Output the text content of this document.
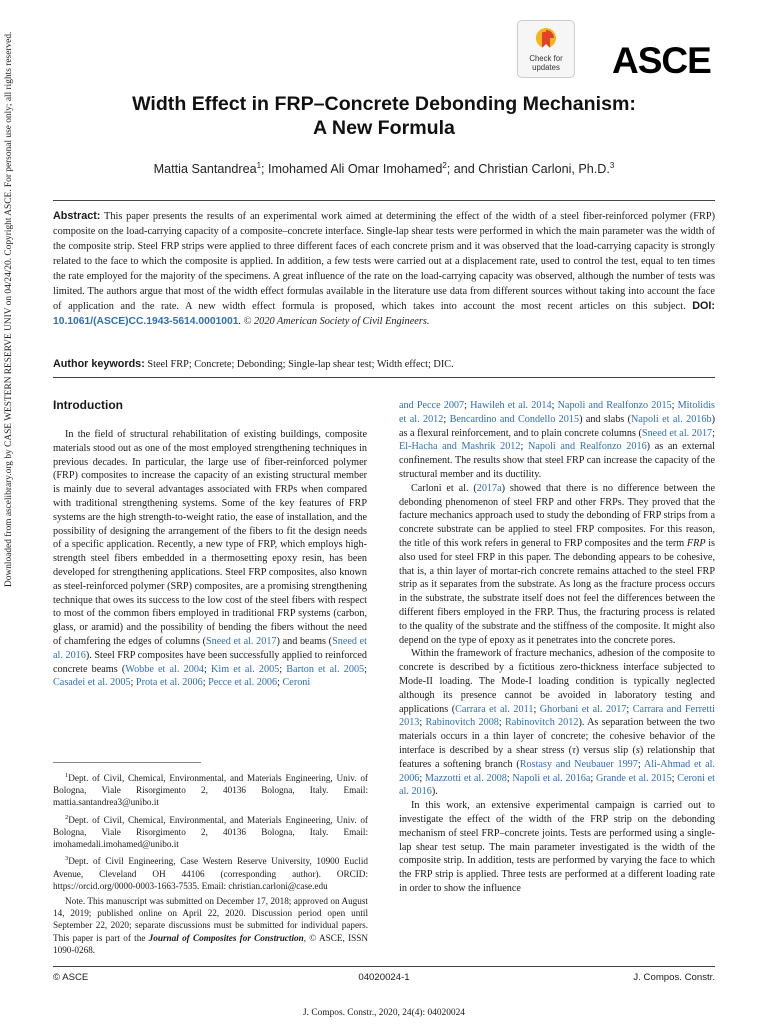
Downloaded from ascelibrary.org by CASE WESTERN RESERVE UNIV on 04/24/20. Copyright ASCE. For personal use only; all rights reserved.	Check for
updates	ASCE
Width Effect in FRP–Concrete Debonding Mechanism:
A New Formula
Mattia Santandrea$^1$; Imohamed Ali Omar Imohamed$^2$; and Christian Carloni, Ph.D.$^3$
Abstract: This paper presents the results of an experimental work aimed at determining the effect of the width of a steel fiber-reinforced polymer (FRP) composite on the load-carrying capacity of a composite–concrete interface. Single-lap shear tests were performed in which the main parameter was the width of the composite strip. Steel FRP strips were applied to three different faces of each concrete prism and it was observed that the load-carrying capacity is strongly related to the face to which the composite is applied. In addition, a few tests were carried out at a displacement rate, used to control the test, equal to ten times the rate employed for the majority of the specimens. A great influence of the rate on the load-carrying capacity was observed, although the number of tests was limited. The authors argue that most of the width effect formulas available in the literature use data from different sources without taking into account the face of application and the rate. A new width effect formula is proposed, which takes into account the most recent articles on this subject. DOI: 10.1061/(ASCE)CC.1943-5614.0001001. © 2020 American Society of Civil Engineers.
Author keywords: Steel FRP; Concrete; Debonding; Single-lap shear test; Width effect; DIC.
Introduction

In the field of structural rehabilitation of existing buildings, composite materials stood out as one of the most employed strengthening techniques in previous decades. In particular, the large use of fiber-reinforced polymer (FRP) composites to increase the capacity of an existing structural member is mainly due to several advantages associated with FRPs when compared with traditional strengthening systems. Some of the key features of FRP systems are the high strength-to-weight ratio, the ease of installation, and the possibility of designing the arrangement of the fibers to fit the design needs of a specific application. Recently, a new type of FRP, which employs high-strength steel fibers embedded in a thermosetting epoxy resin, has been developed for strengthening applications. Steel FRP composites, also known as steel-reinforced polymer (SRP) composites, are a promising strengthening technique that owes its success to the low cost of the steel fibers with respect to most of the common fibers employed in traditional FRP systems (carbon, glass, or aramid) and the possibility of bending the fibers without the need of chamfering the edges of columns (Sneed et al. 2017) and beams (Sneed et al. 2016). Steel FRP composites have been successfully applied to reinforced concrete beams (Wobbe et al. 2004; Kim et al. 2005; Barton et al. 2005; Casadei et al. 2005; Prota et al. 2006; Pecce et al. 2006; Ceroni

$^1$Dept. of Civil, Chemical, Environmental, and Materials Engineering, Univ. of Bologna, Viale Risorgimento 2, 40136 Bologna, Italy. Email: mattia.santandrea3@unibo.it

$^2$Dept. of Civil, Chemical, Environmental, and Materials Engineering, Univ. of Bologna, Viale Risorgimento 2, 40136 Bologna, Italy. Email: imohamedali.imohamed@unibo.it

$^3$Dept. of Civil Engineering, Case Western Reserve University, 10900 Euclid Avenue, Cleveland OH 44106 (corresponding author). ORCID: https://orcid.org/0000-0003-1663-7535. Email: christian.carloni@case.edu

Note. This manuscript was submitted on December 17, 2018; approved on August 14, 2019; published online on April 22, 2020. Discussion period open until September 22, 2020; separate discussions must be submitted for individual papers. This paper is part of the Journal of Composites for Construction, © ASCE, ISSN 1090-0268.

and Pecce 2007; Hawileh et al. 2014; Napoli and Realfonzo 2015; Mitolidis et al. 2012; Bencardino and Condello 2015) and slabs (Napoli et al. 2016b) as a flexural reinforcement, and to plain concrete columns (Sneed et al. 2017; El-Hacha and Mashrik 2012; Napoli and Realfonzo 2016) as an external confinement. The results show that steel FRP can increase the capacity of the structural member and its ductility.

Carloni et al. (2017a) showed that there is no difference between the debonding phenomenon of steel FRP and other FRPs. They proved that the facture mechanics approach used to study the debonding of FRP strips from a concrete substrate can be applied to steel FRP composites. For this reason, the title of this work refers in general to FRP composites and the term FRP is also used for steel FRP in this paper. The debonding appears to be cohesive, that is, a thin layer of mortar-rich concrete remains attached to the steel FRP strip as it separates from the substrate. As long as the fracture process occurs in the substrate, the substrate itself does not feel the differences between the different fibers employed in the FRP. Thus, the fracturing process is related to the quality of the substrate and the stiffness of the composite. It might also depend on the type of epoxy as it penetrates into the concrete pores.

Within the framework of fracture mechanics, adhesion of the composite to concrete is described by a fictitious zero-thickness interface subjected to Mode-II loading. The Mode-I loading condition is typically neglected although its presence cannot be avoided in laboratory testing and applications (Carrara et al. 2011; Ghorbani et al. 2017; Carrara and Ferretti 2013; Rabinovitch 2008; Rabinovitch 2012). As separation between the two materials occurs in a thin layer of concrete; the cohesive behavior of the interface is described by a shear stress (τ) versus slip (s) relationship that features a softening branch (Rostasy and Neubauer 1997; Ali-Ahmad et al. 2006; Mazzotti et al. 2008; Napoli et al. 2016a; Grande et al. 2015; Ceroni et al. 2016).

In this work, an extensive experimental campaign is carried out to investigate the effect of the width of the FRP strip on the debonding mechanism of steel FRP–concrete joints. Tests are performed using a single-lap shear test setup. The main parameter investigated is the width of the composite strip. In addition, tests are performed by varying the face to which the FRP strip is applied. Three tests are performed at a different loading rate in order to show the influence

© ASCE	04020024-1	J. Compos. Constr.
J. Compos. Constr., 2020, 24(4): 04020024
